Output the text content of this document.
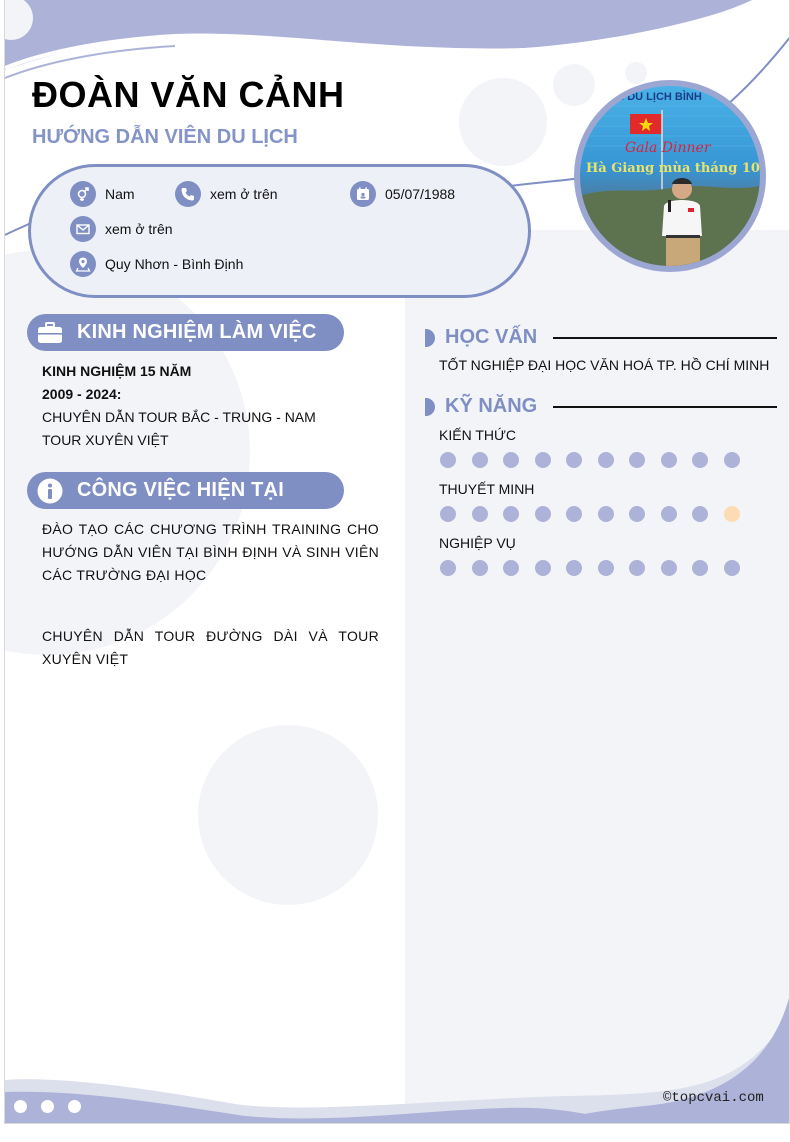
ĐOÀN VĂN CẢNH
HƯỚNG DẪN VIÊN DU LỊCH
Nam	xem ở trên	05/07/1988
xem ở trên
Quy Nhơn - Bình Định
M DU LỊCH BÌNH
Gala Dinner
Hà Giang mùa tháng 10
KINH NGHIỆM LÀM VIỆC
KINH NGHIỆM 15 NĂM
2009 - 2024:
CHUYÊN DẪN TOUR BẮC - TRUNG - NAM
TOUR XUYÊN VIỆT
CÔNG VIỆC HIỆN TẠI
ĐÀO TẠO CÁC CHƯƠNG TRÌNH TRAINING CHO HƯỚNG DẪN VIÊN TẠI BÌNH ĐỊNH VÀ SINH VIÊN CÁC TRƯỜNG ĐẠI HỌC
CHUYÊN DẪN TOUR ĐƯỜNG DÀI VÀ TOUR XUYÊN VIỆT
HỌC VẤN
TỐT NGHIỆP ĐẠI HỌC VĂN HOÁ TP. HỒ CHÍ MINH
KỸ NĂNG
KIẾN THỨC
THUYẾT MINH
NGHIỆP VỤ
©topcvai.com
